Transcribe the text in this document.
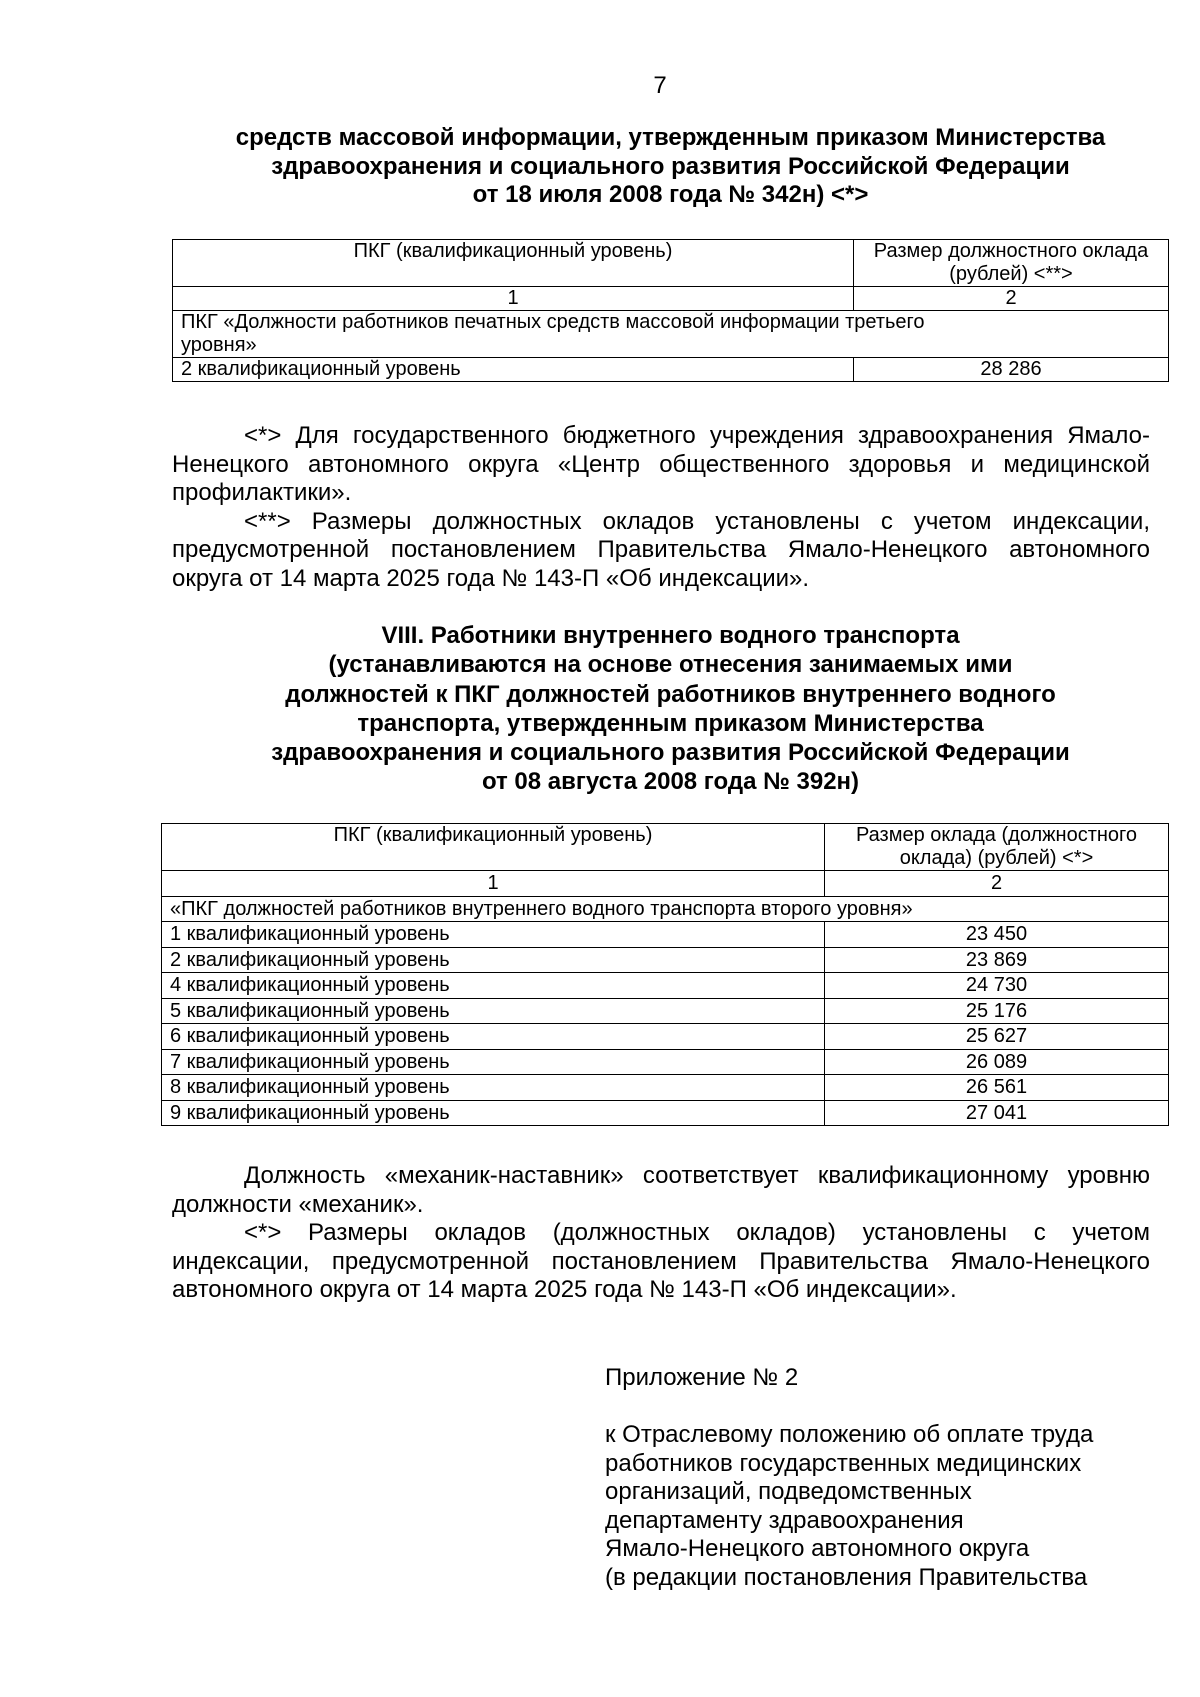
7
средств массовой информации, утвержденным приказом Министерства
здравоохранения и социального развития Российской Федерации
от 18 июля 2008 года № 342н) <*>
ПКГ (квалификационный уровень)	Размер должностного оклада (рублей) <**>
1	2
ПКГ «Должности работников печатных средств массовой информации третьего уровня»	
2 квалификационный уровень	28 286

<*> Для государственного бюджетного учреждения здравоохранения Ямало-Ненецкого автономного округа «Центр общественного здоровья и медицинской профилактики».

<**> Размеры должностных окладов установлены с учетом индексации, предусмотренной постановлением Правительства Ямало-Ненецкого автономного округа от 14 марта 2025 года № 143-П «Об индексации».

VIII. Работники внутреннего водного транспорта
(устанавливаются на основе отнесения занимаемых ими
должностей к ПКГ должностей работников внутреннего водного
транспорта, утвержденным приказом Министерства
здравоохранения и социального развития Российской Федерации
от 08 августа 2008 года № 392н)
ПКГ (квалификационный уровень)	Размер оклада (должностного оклада) (рублей) <*>
1	2
«ПКГ должностей работников внутреннего водного транспорта второго уровня»	
1 квалификационный уровень	23 450
2 квалификационный уровень	23 869
4 квалификационный уровень	24 730
5 квалификационный уровень	25 176
6 квалификационный уровень	25 627
7 квалификационный уровень	26 089
8 квалификационный уровень	26 561
9 квалификационный уровень	27 041

Должность «механик-наставник» соответствует квалификационному уровню должности «механик».

<*> Размеры окладов (должностных окладов) установлены с учетом индексации, предусмотренной постановлением Правительства Ямало-Ненецкого автономного округа от 14 марта 2025 года № 143-П «Об индексации».

Приложение № 2
к Отраслевому положению об оплате труда
работников государственных медицинских
организаций, подведомственных
департаменту здравоохранения
Ямало-Ненецкого автономного округа
(в редакции постановления Правительства
